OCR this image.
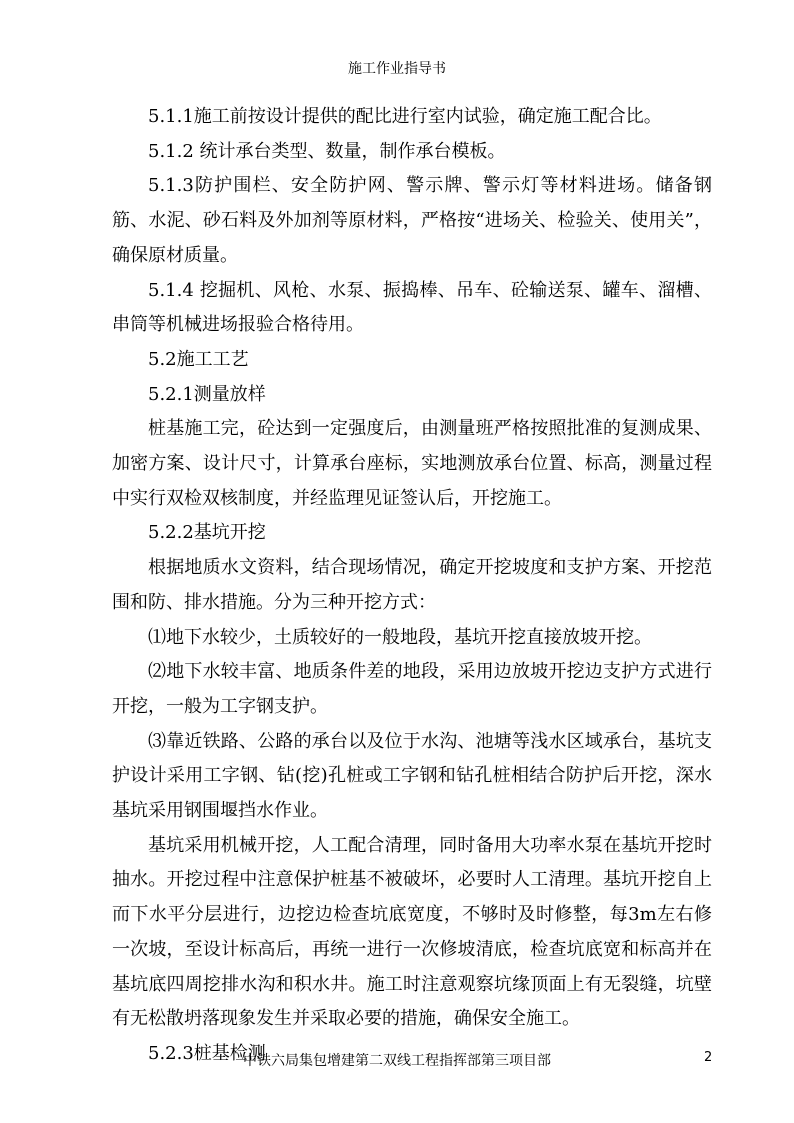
施工作业指导书

5.1.1施工前按设计提供的配比进行室内试验，确定施工配合比。

5.1.2 统计承台类型、数量，制作承台模板。

5.1.3防护围栏、安全防护网、警示牌、警示灯等材料进场。储备钢筋、水泥、砂石料及外加剂等原材料，严格按“进场关、检验关、使用关”，确保原材质量。

5.1.4 挖掘机、风枪、水泵、振捣棒、吊车、砼输送泵、罐车、溜槽、串筒等机械进场报验合格待用。

5.2施工工艺

5.2.1测量放样

桩基施工完，砼达到一定强度后，由测量班严格按照批准的复测成果、加密方案、设计尺寸，计算承台座标，实地测放承台位置、标高，测量过程中实行双检双核制度，并经监理见证签认后，开挖施工。

5.2.2基坑开挖

根据地质水文资料，结合现场情况，确定开挖坡度和支护方案、开挖范围和防、排水措施。分为三种开挖方式：

⑴地下水较少，土质较好的一般地段，基坑开挖直接放坡开挖。

⑵地下水较丰富、地质条件差的地段，采用边放坡开挖边支护方式进行开挖，一般为工字钢支护。

⑶靠近铁路、公路的承台以及位于水沟、池塘等浅水区域承台，基坑支护设计采用工字钢、钻(挖)孔桩或工字钢和钻孔桩相结合防护后开挖，深水基坑采用钢围堰挡水作业。

基坑采用机械开挖，人工配合清理，同时备用大功率水泵在基坑开挖时抽水。开挖过程中注意保护桩基不被破坏，必要时人工清理。基坑开挖自上而下水平分层进行，边挖边检查坑底宽度，不够时及时修整，每3m左右修一次坡，至设计标高后，再统一进行一次修坡清底，检查坑底宽和标高并在基坑底四周挖排水沟和积水井。施工时注意观察坑缘顶面上有无裂缝，坑壁有无松散坍落现象发生并采取必要的措施，确保安全施工。

5.2.3桩基检测

中铁六局集包增建第二双线工程指挥部第三项目部	2
